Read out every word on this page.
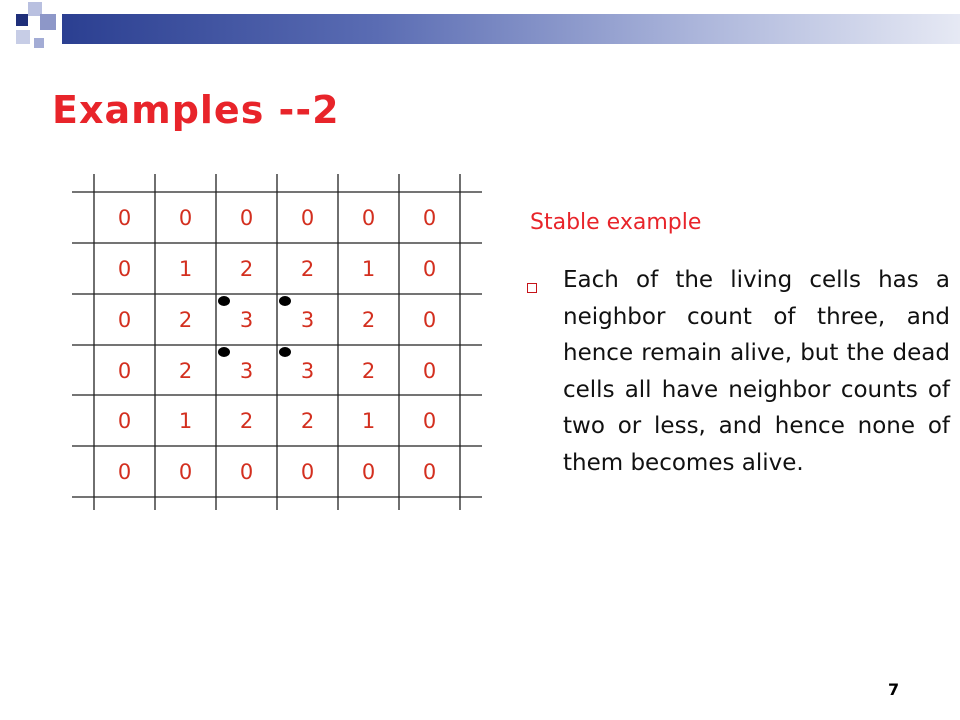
Examples --2
0	0	0	0	0	0
0	1	2	2	1	0
0	2	3	3	2	0
0	2	3	3	2	0
0	1	2	2	1	0
0	0	0	0	0	0

Stable example

Each of the living cells has a neighbor count of three, and hence remain alive, but the dead cells all have neighbor counts of two or less, and hence none of them becomes alive.

7
